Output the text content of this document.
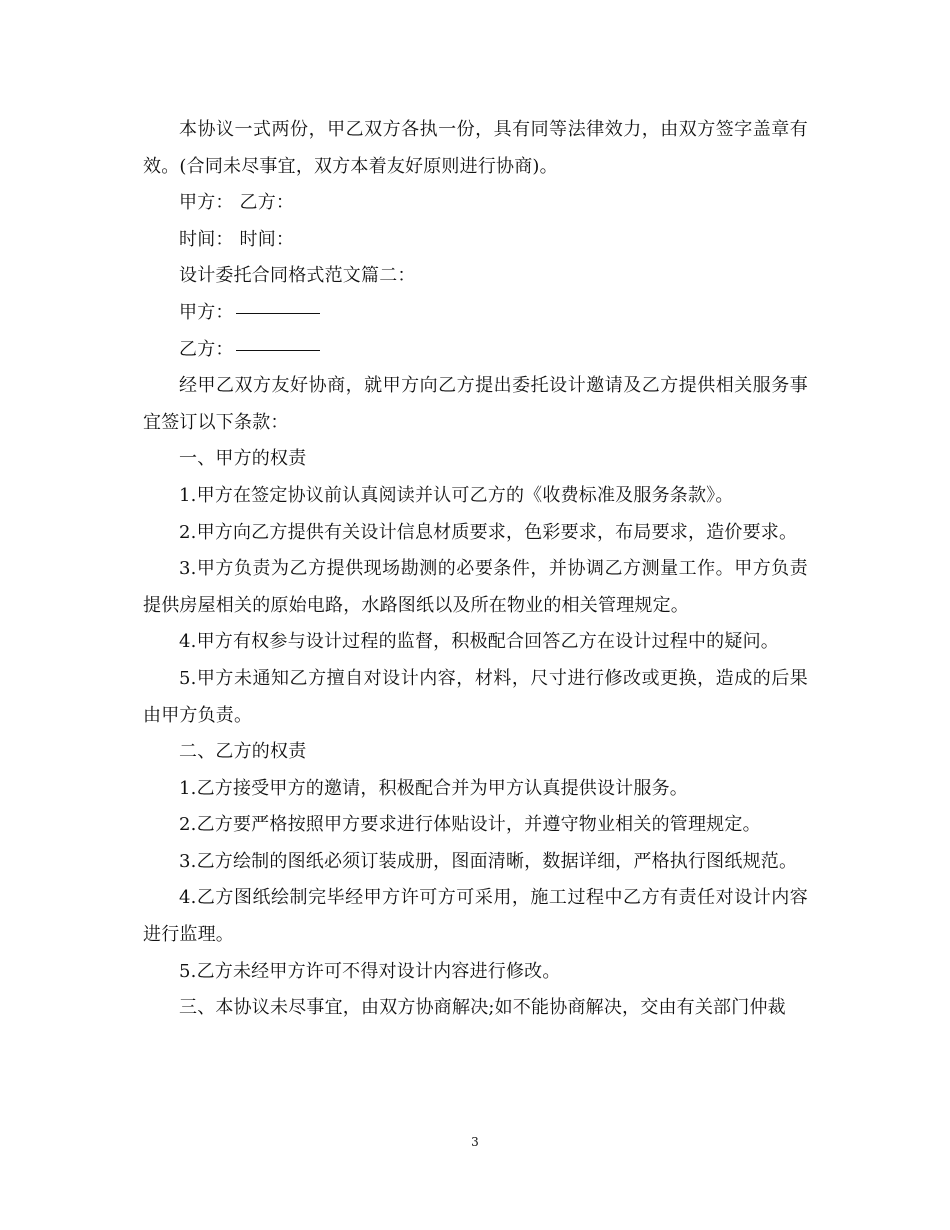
本协议一式两份，甲乙双方各执一份，具有同等法律效力，由双方签字盖章有效。(合同未尽事宜，双方本着友好原则进行协商)。

甲方： 乙方：

时间： 时间：

设计委托合同格式范文篇二：

甲方：

乙方：

经甲乙双方友好协商，就甲方向乙方提出委托设计邀请及乙方提供相关服务事宜签订以下条款：

一、甲方的权责

1.甲方在签定协议前认真阅读并认可乙方的《收费标准及服务条款》。

2.甲方向乙方提供有关设计信息材质要求，色彩要求，布局要求，造价要求。

3.甲方负责为乙方提供现场勘测的必要条件，并协调乙方测量工作。甲方负责提供房屋相关的原始电路，水路图纸以及所在物业的相关管理规定。

4.甲方有权参与设计过程的监督，积极配合回答乙方在设计过程中的疑问。

5.甲方未通知乙方擅自对设计内容，材料，尺寸进行修改或更换，造成的后果由甲方负责。

二、乙方的权责

1.乙方接受甲方的邀请，积极配合并为甲方认真提供设计服务。

2.乙方要严格按照甲方要求进行体贴设计，并遵守物业相关的管理规定。

3.乙方绘制的图纸必须订装成册，图面清晰，数据详细，严格执行图纸规范。

4.乙方图纸绘制完毕经甲方许可方可采用，施工过程中乙方有责任对设计内容进行监理。

5.乙方未经甲方许可不得对设计内容进行修改。

三、本协议未尽事宜，由双方协商解决;如不能协商解决，交由有关部门仲裁

3
